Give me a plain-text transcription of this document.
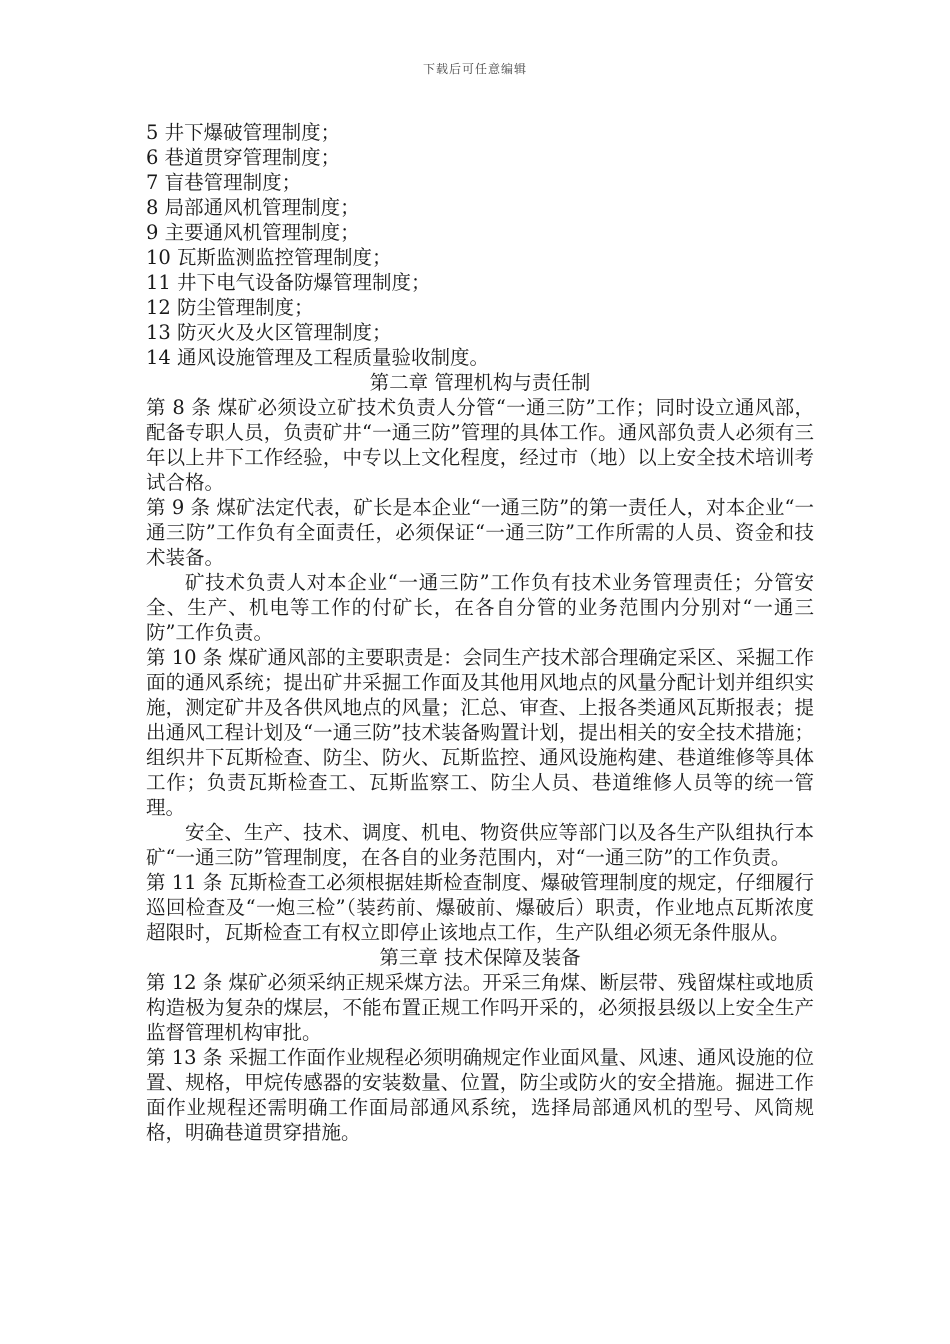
下载后可任意编辑

5 井下爆破管理制度；

6 巷道贯穿管理制度；

7 盲巷管理制度；

8 局部通风机管理制度；

9 主要通风机管理制度；

10 瓦斯监测监控管理制度；

11 井下电气设备防爆管理制度；

12 防尘管理制度；

13 防灭火及火区管理制度；

14 通风设施管理及工程质量验收制度。

第二章 管理机构与责任制

第 8 条 煤矿必须设立矿技术负责人分管“一通三防”工作；同时设立通风部，配备专职人员，负责矿井“一通三防”管理的具体工作。通风部负责人必须有三年以上井下工作经验，中专以上文化程度，经过市（地）以上安全技术培训考试合格。

第 9 条 煤矿法定代表，矿长是本企业“一通三防”的第一责任人，对本企业“一通三防”工作负有全面责任，必须保证“一通三防”工作所需的人员、资金和技术装备。

矿技术负责人对本企业“一通三防”工作负有技术业务管理责任；分管安全、生产、机电等工作的付矿长，在各自分管的业务范围内分别对“一通三防”工作负责。

第 10 条 煤矿通风部的主要职责是：会同生产技术部合理确定采区、采掘工作面的通风系统；提出矿井采掘工作面及其他用风地点的风量分配计划并组织实施，测定矿井及各供风地点的风量；汇总、审查、上报各类通风瓦斯报表；提出通风工程计划及“一通三防”技术装备购置计划，提出相关的安全技术措施；组织井下瓦斯检查、防尘、防火、瓦斯监控、通风设施构建、巷道维修等具体工作；负责瓦斯检查工、瓦斯监察工、防尘人员、巷道维修人员等的统一管理。

安全、生产、技术、调度、机电、物资供应等部门以及各生产队组执行本矿“一通三防”管理制度，在各自的业务范围内，对“一通三防”的工作负责。

第 11 条 瓦斯检查工必须根据娃斯检查制度、爆破管理制度的规定，仔细履行巡回检查及“一炮三检”（装药前、爆破前、爆破后）职责，作业地点瓦斯浓度超限时，瓦斯检查工有权立即停止该地点工作，生产队组必须无条件服从。

第三章 技术保障及装备

第 12 条 煤矿必须采纳正规采煤方法。开采三角煤、断层带、残留煤柱或地质构造极为复杂的煤层，不能布置正规工作吗开采的，必须报县级以上安全生产监督管理机构审批。

第 13 条 采掘工作面作业规程必须明确规定作业面风量、风速、通风设施的位置、规格，甲烷传感器的安装数量、位置，防尘或防火的安全措施。掘进工作面作业规程还需明确工作面局部通风系统，选择局部通风机的型号、风筒规格，明确巷道贯穿措施。
